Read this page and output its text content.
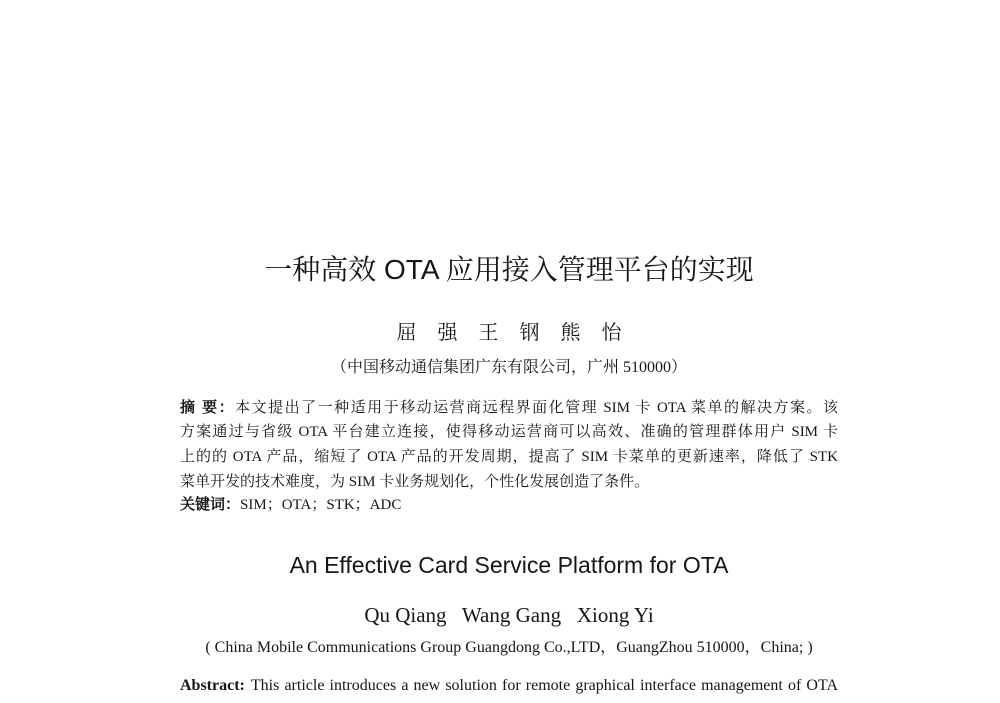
一种高效 OTA 应用接入管理平台的实现
屈 强 王 钢 熊 怡
（中国移动通信集团广东有限公司，广州 510000）
摘 要：本文提出了一种适用于移动运营商远程界面化管理 SIM 卡 OTA 菜单的解决方案。该
方案通过与省级 OTA 平台建立连接，使得移动运营商可以高效、准确的管理群体用户 SIM 卡
上的的 OTA 产品，缩短了 OTA 产品的开发周期，提高了 SIM 卡菜单的更新速率，降低了 STK
菜单开发的技术难度，为 SIM 卡业务规划化，个性化发展创造了条件。
关键词：SIM；OTA；STK；ADC
An Effective Card Service Platform for OTA
Qu Qiang   Wang Gang   Xiong Yi
( China Mobile Communications Group Guangdong Co.,LTD，GuangZhou 510000，China; )
Abstract: This article introduces a new solution for remote graphical interface management of OTA
